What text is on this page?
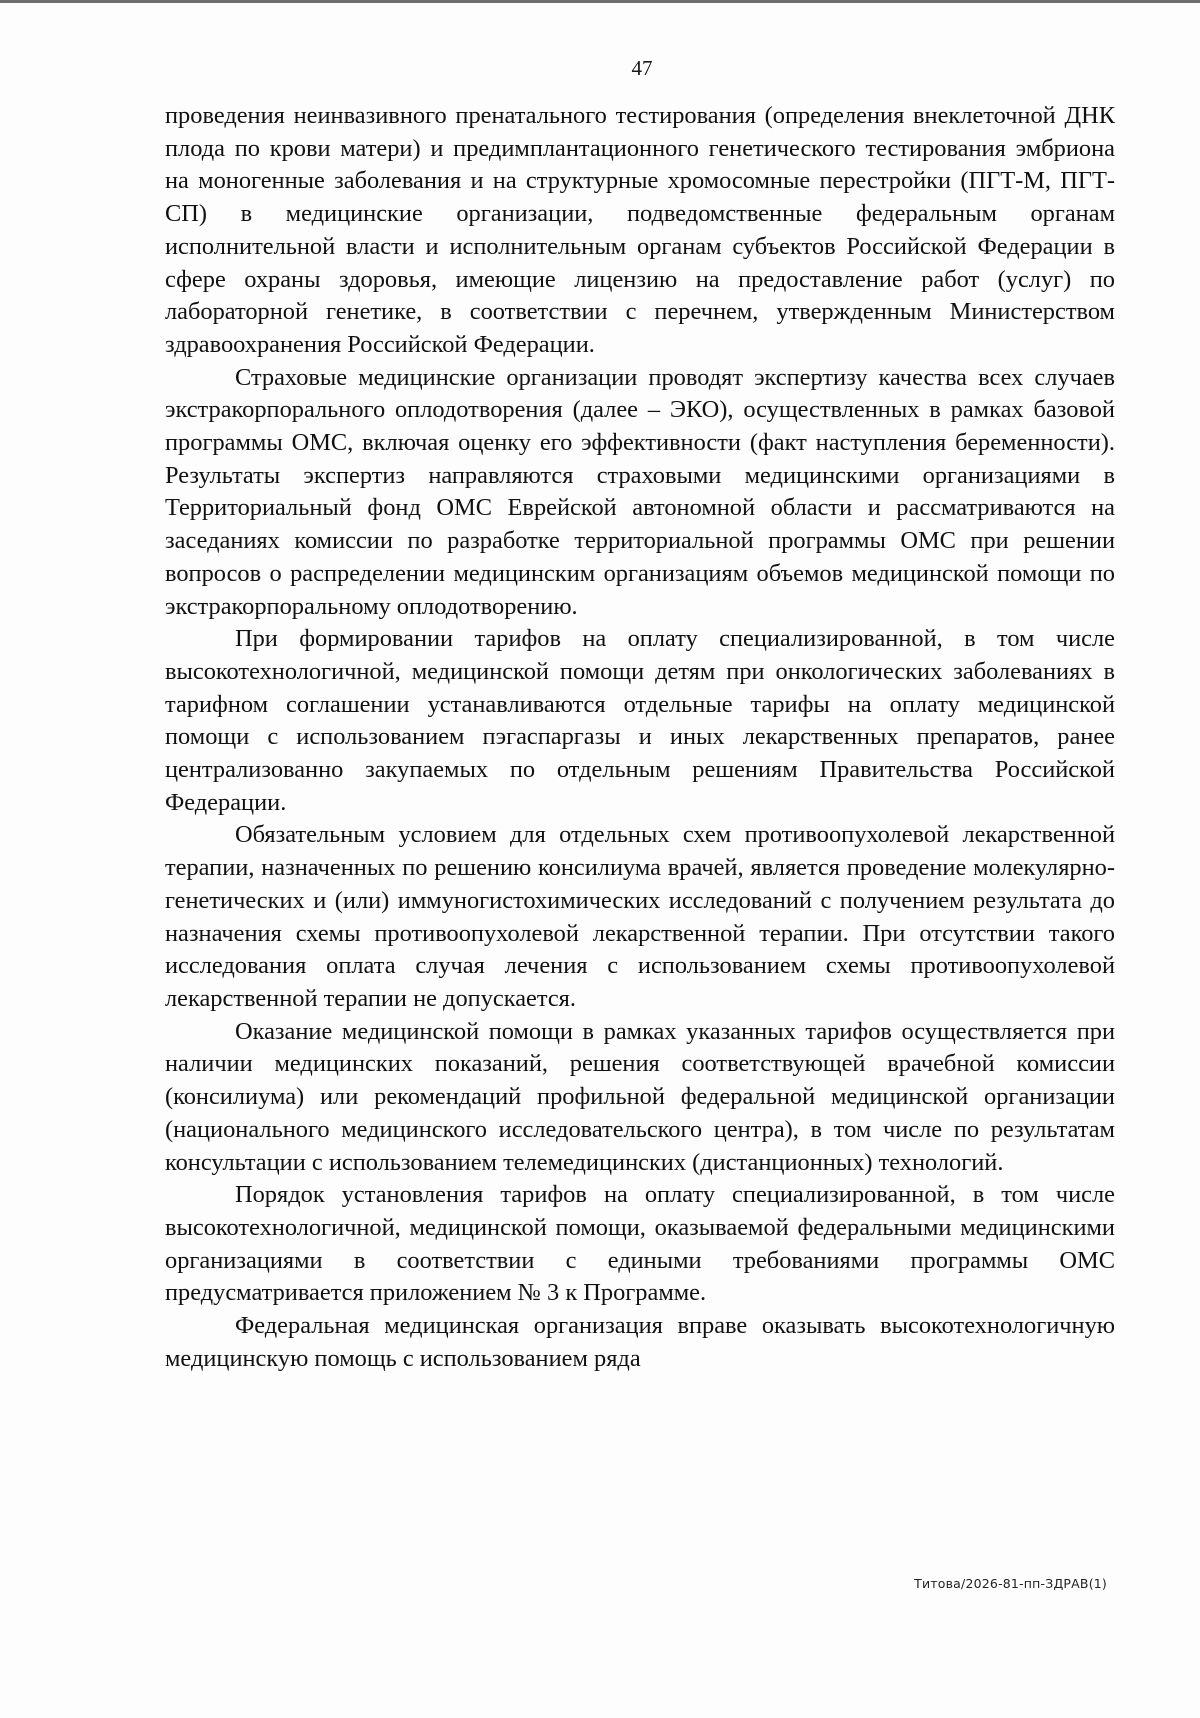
47

проведения неинвазивного пренатального тестирования (определения внеклеточной ДНК плода по крови матери) и предимплантационного генетического тестирования эмбриона на моногенные заболевания и на структурные хромосомные перестройки (ПГТ-М, ПГТ-СП) в медицинские организации, подведомственные федеральным органам исполнительной власти и исполнительным органам субъектов Российской Федерации в сфере охраны здоровья, имеющие лицензию на предоставление работ (услуг) по лабораторной генетике, в соответствии с перечнем, утвержденным Министерством здравоохранения Российской Федерации.

Страховые медицинские организации проводят экспертизу качества всех случаев экстракорпорального оплодотворения (далее – ЭКО), осуществленных в рамках базовой программы ОМС, включая оценку его эффективности (факт наступления беременности). Результаты экспертиз направляются страховыми медицинскими организациями в Территориальный фонд ОМС Еврейской автономной области и рассматриваются на заседаниях комиссии по разработке территориальной программы ОМС при решении вопросов о распределении медицинским организациям объемов медицинской помощи по экстракорпоральному оплодотворению.

При формировании тарифов на оплату специализированной, в том числе высокотехнологичной, медицинской помощи детям при онкологических заболеваниях в тарифном соглашении устанавливаются отдельные тарифы на оплату медицинской помощи с использованием пэгаспаргазы и иных лекарственных препаратов, ранее централизованно закупаемых по отдельным решениям Правительства Российской Федерации.

Обязательным условием для отдельных схем противоопухолевой лекарственной терапии, назначенных по решению консилиума врачей, является проведение молекулярно-генетических и (или) иммуногистохимических исследований с получением результата до назначения схемы противоопухолевой лекарственной терапии. При отсутствии такого исследования оплата случая лечения с использованием схемы противоопухолевой лекарственной терапии не допускается.

Оказание медицинской помощи в рамках указанных тарифов осуществляется при наличии медицинских показаний, решения соответствующей врачебной комиссии (консилиума) или рекомендаций профильной федеральной медицинской организации (национального медицинского исследовательского центра), в том числе по результатам консультации с использованием телемедицинских (дистанционных) технологий.

Порядок установления тарифов на оплату специализированной, в том числе высокотехнологичной, медицинской помощи, оказываемой федеральными медицинскими организациями в соответствии с едиными требованиями программы ОМС предусматривается приложением № 3 к Программе.

Федеральная медицинская организация вправе оказывать высокотехнологичную медицинскую помощь с использованием ряда

Титова/2026-81-пп-ЗДРАВ(1)
